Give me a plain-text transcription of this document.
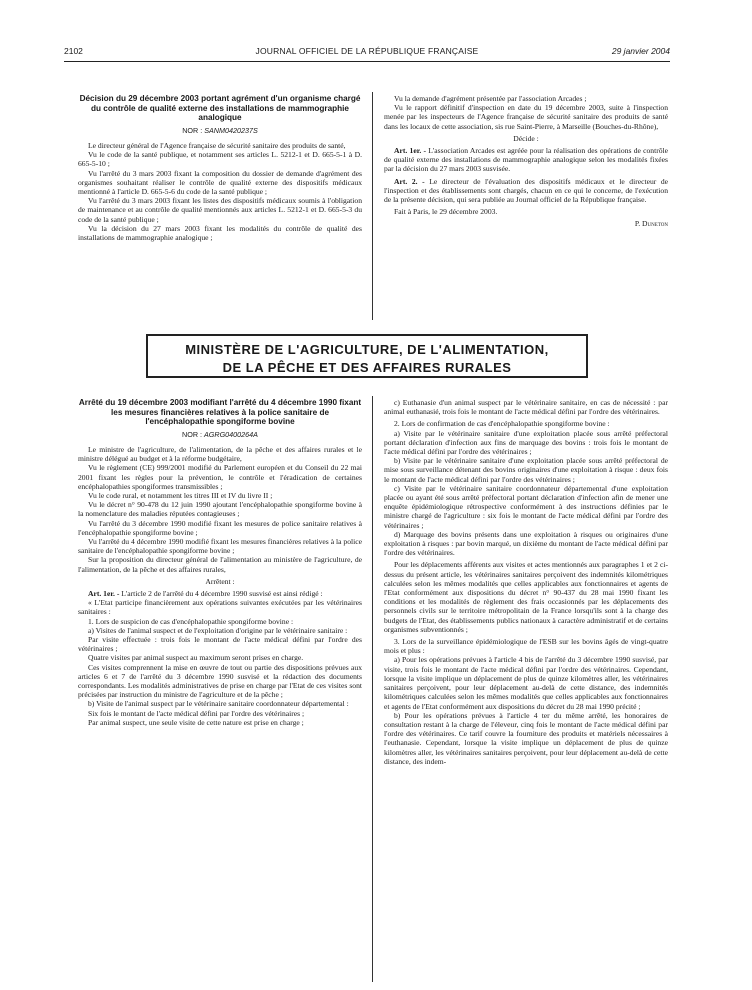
2102	JOURNAL OFFICIEL DE LA RÉPUBLIQUE FRANÇAISE	29 janvier 2004
Décision du 29 décembre 2003 portant agrément d'un organisme chargé du contrôle de qualité externe des installations de mammographie analogique
NOR : SANM0420237S

Le directeur général de l'Agence française de sécurité sanitaire des produits de santé,

Vu le code de la santé publique, et notamment ses articles L. 5212-1 et D. 665-5-1 à D. 665-5-10 ;

Vu l'arrêté du 3 mars 2003 fixant la composition du dossier de demande d'agrément des organismes souhaitant réaliser le contrôle de qualité externe des dispositifs médicaux mentionné à l'article D. 665-5-6 du code de la santé publique ;

Vu l'arrêté du 3 mars 2003 fixant les listes des dispositifs médicaux soumis à l'obligation de maintenance et au contrôle de qualité mentionnés aux articles L. 5212-1 et D. 665-5-3 du code de la santé publique ;

Vu la décision du 27 mars 2003 fixant les modalités du contrôle de qualité des installations de mammographie analogique ;

Vu la demande d'agrément présentée par l'association Arcades ;

Vu le rapport définitif d'inspection en date du 19 décembre 2003, suite à l'inspection menée par les inspecteurs de l'Agence française de sécurité sanitaire des produits de santé dans les locaux de cette association, sis rue Saint-Pierre, à Marseille (Bouches-du-Rhône),

Décide :

Art. 1er. - L'association Arcades est agréée pour la réalisation des opérations de contrôle de qualité externe des installations de mammographie analogique selon les modalités fixées par la décision du 27 mars 2003 susvisée.

Art. 2. - Le directeur de l'évaluation des dispositifs médicaux et le directeur de l'inspection et des établissements sont chargés, chacun en ce qui le concerne, de l'exécution de la présente décision, qui sera publiée au Journal officiel de la République française.

Fait à Paris, le 29 décembre 2003.

P. Duneton

MINISTÈRE DE L'AGRICULTURE, DE L'ALIMENTATION,
DE LA PÊCHE ET DES AFFAIRES RURALES
Arrêté du 19 décembre 2003 modifiant l'arrêté du 4 décembre 1990 fixant les mesures financières relatives à la police sanitaire de l'encéphalopathie spongiforme bovine
NOR : AGRG0400264A

Le ministre de l'agriculture, de l'alimentation, de la pêche et des affaires rurales et le ministre délégué au budget et à la réforme budgétaire,

Vu le règlement (CE) 999/2001 modifié du Parlement européen et du Conseil du 22 mai 2001 fixant les règles pour la prévention, le contrôle et l'éradication de certaines encéphalopathies spongiformes transmissibles ;

Vu le code rural, et notamment les titres III et IV du livre II ;

Vu le décret n° 90-478 du 12 juin 1990 ajoutant l'encéphalopathie spongiforme bovine à la nomenclature des maladies réputées contagieuses ;

Vu l'arrêté du 3 décembre 1990 modifié fixant les mesures de police sanitaire relatives à l'encéphalopathie spongiforme bovine ;

Vu l'arrêté du 4 décembre 1990 modifié fixant les mesures financières relatives à la police sanitaire de l'encéphalopathie spongiforme bovine ;

Sur la proposition du directeur général de l'alimentation au ministère de l'agriculture, de l'alimentation, de la pêche et des affaires rurales,

Arrêtent :

Art. 1er. - L'article 2 de l'arrêté du 4 décembre 1990 susvisé est ainsi rédigé :

« L'Etat participe financièrement aux opérations suivantes exécutées par les vétérinaires sanitaires :

1. Lors de suspicion de cas d'encéphalopathie spongiforme bovine :

a) Visites de l'animal suspect et de l'exploitation d'origine par le vétérinaire sanitaire :

Par visite effectuée : trois fois le montant de l'acte médical défini par l'ordre des vétérinaires ;

Quatre visites par animal suspect au maximum seront prises en charge.

Ces visites comprennent la mise en œuvre de tout ou partie des dispositions prévues aux articles 6 et 7 de l'arrêté du 3 décembre 1990 susvisé et la rédaction des documents correspondants. Les modalités administratives de prise en charge par l'Etat de ces visites sont précisées par instruction du ministre de l'agriculture et de la pêche ;

b) Visite de l'animal suspect par le vétérinaire sanitaire coordonnateur départemental :

Six fois le montant de l'acte médical défini par l'ordre des vétérinaires ;

Par animal suspect, une seule visite de cette nature est prise en charge ;

c) Euthanasie d'un animal suspect par le vétérinaire sanitaire, en cas de nécessité : par animal euthanasié, trois fois le montant de l'acte médical défini par l'ordre des vétérinaires.

2. Lors de confirmation de cas d'encéphalopathie spongiforme bovine :

a) Visite par le vétérinaire sanitaire d'une exploitation placée sous arrêté préfectoral portant déclaration d'infection aux fins de marquage des bovins : trois fois le montant de l'acte médical défini par l'ordre des vétérinaires ;

b) Visite par le vétérinaire sanitaire d'une exploitation placée sous arrêté préfectoral de mise sous surveillance détenant des bovins originaires d'une exploitation à risque : deux fois le montant de l'acte médical défini par l'ordre des vétérinaires ;

c) Visite par le vétérinaire sanitaire coordonnateur départemental d'une exploitation placée ou ayant été sous arrêté préfectoral portant déclaration d'infection afin de mener une enquête épidémiologique rétrospective conformément à des instructions définies par le ministre chargé de l'agriculture : six fois le montant de l'acte médical défini par l'ordre des vétérinaires ;

d) Marquage des bovins présents dans une exploitation à risques ou originaires d'une exploitation à risques : par bovin marqué, un dixième du montant de l'acte médical défini par l'ordre des vétérinaires.

Pour les déplacements afférents aux visites et actes mentionnés aux paragraphes 1 et 2 ci-dessus du présent article, les vétérinaires sanitaires perçoivent des indemnités kilométriques calculées selon les mêmes modalités que celles applicables aux fonctionnaires et agents de l'Etat conformément aux dispositions du décret n° 90-437 du 28 mai 1990 fixant les conditions et les modalités de règlement des frais occasionnés par les déplacements des personnels civils sur le territoire métropolitain de la France lorsqu'ils sont à la charge des budgets de l'Etat, des établissements publics nationaux à caractère administratif et de certains organismes subventionnés ;

3. Lors de la surveillance épidémiologique de l'ESB sur les bovins âgés de vingt-quatre mois et plus :

a) Pour les opérations prévues à l'article 4 bis de l'arrêté du 3 décembre 1990 susvisé, par visite, trois fois le montant de l'acte médical défini par l'ordre des vétérinaires. Cependant, lorsque la visite implique un déplacement de plus de quinze kilomètres aller, les vétérinaires sanitaires perçoivent, pour leur déplacement au-delà de cette distance, des indemnités kilométriques calculées selon les mêmes modalités que celles applicables aux fonctionnaires et agents de l'Etat conformément aux dispositions du décret du 28 mai 1990 précité ;

b) Pour les opérations prévues à l'article 4 ter du même arrêté, les honoraires de consultation restant à la charge de l'éleveur, cinq fois le montant de l'acte médical défini par l'ordre des vétérinaires. Ce tarif couvre la fourniture des produits et matériels nécessaires à l'euthanasie. Cependant, lorsque la visite implique un déplacement de plus de quinze kilomètres aller, les vétérinaires sanitaires perçoivent, pour leur déplacement au-delà de cette distance, des indem-
